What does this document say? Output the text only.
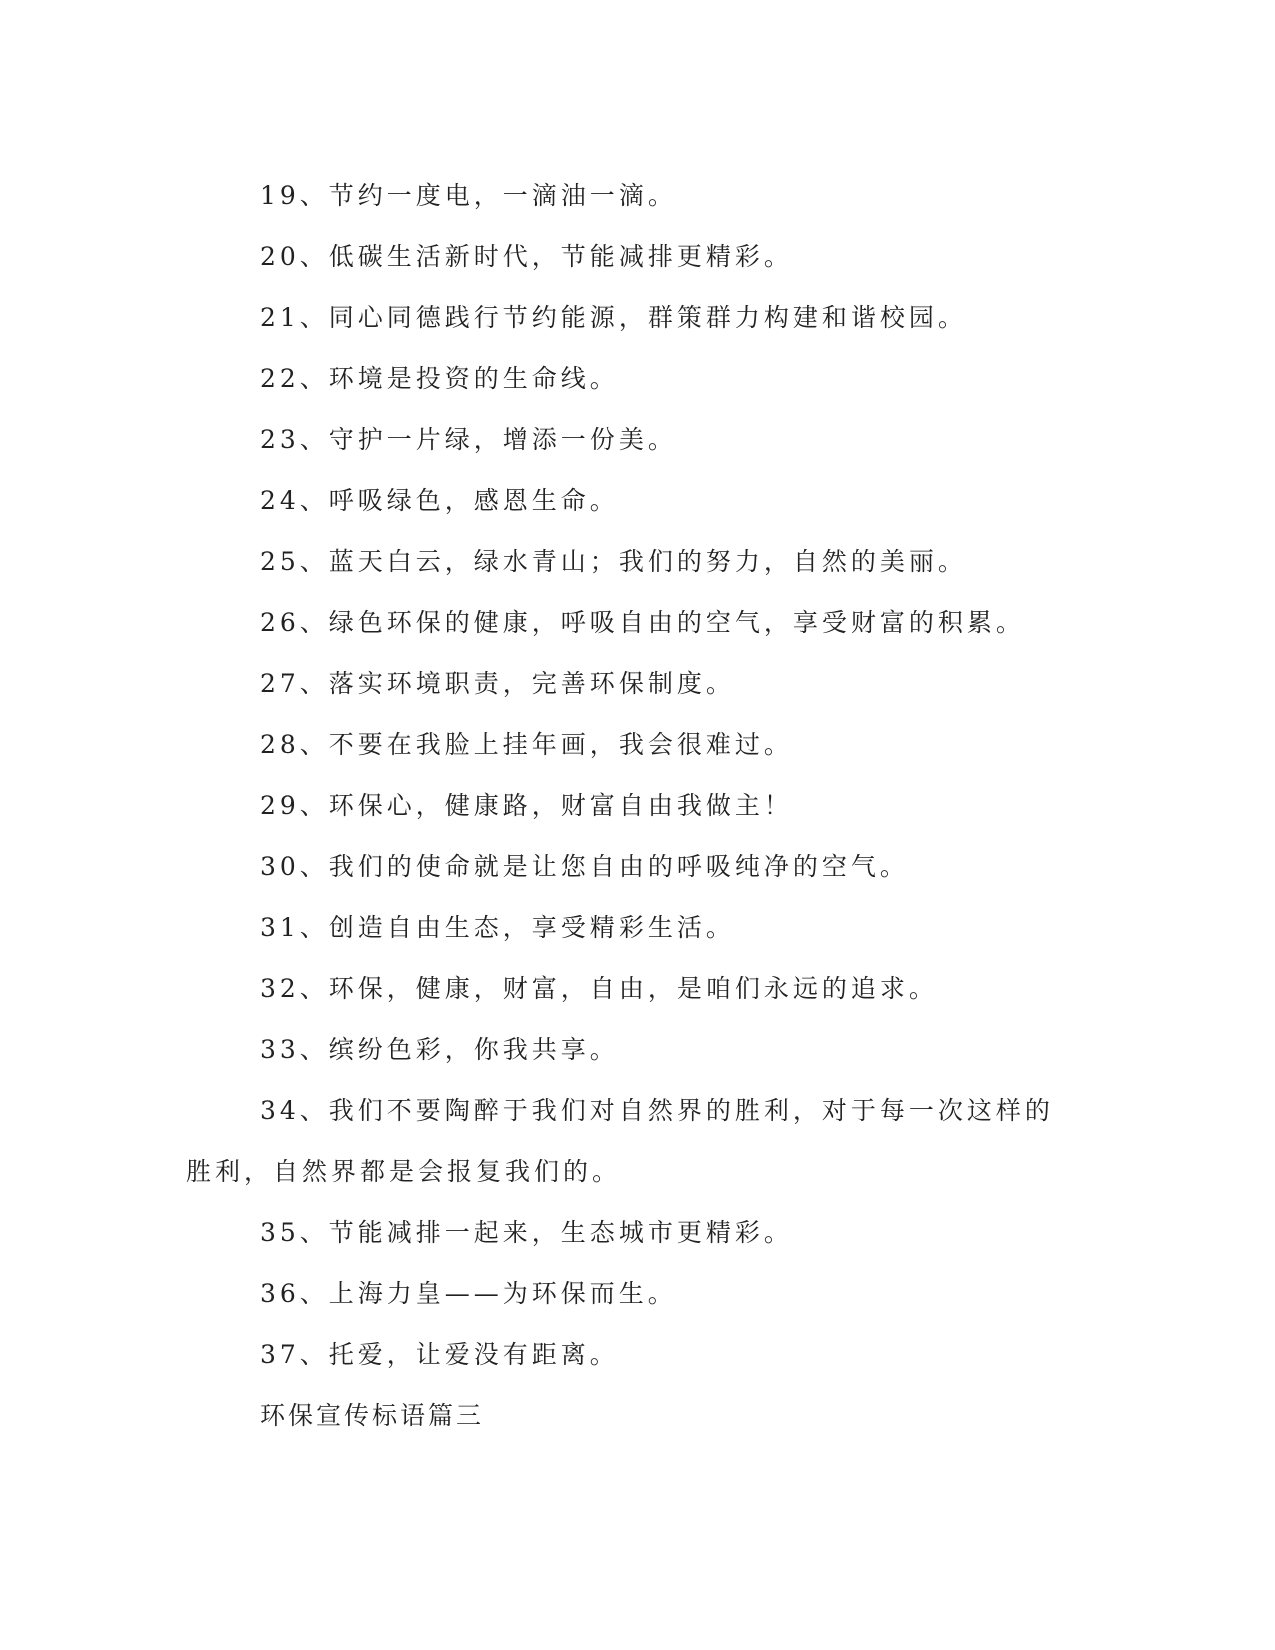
19、节约一度电，一滴油一滴。

20、低碳生活新时代，节能减排更精彩。

21、同心同德践行节约能源，群策群力构建和谐校园。

22、环境是投资的生命线。

23、守护一片绿，增添一份美。

24、呼吸绿色，感恩生命。

25、蓝天白云，绿水青山；我们的努力，自然的美丽。

26、绿色环保的健康，呼吸自由的空气，享受财富的积累。

27、落实环境职责，完善环保制度。

28、不要在我脸上挂年画，我会很难过。

29、环保心，健康路，财富自由我做主！

30、我们的使命就是让您自由的呼吸纯净的空气。

31、创造自由生态，享受精彩生活。

32、环保，健康，财富，自由，是咱们永远的追求。

33、缤纷色彩，你我共享。

34、我们不要陶醉于我们对自然界的胜利，对于每一次这样的胜利，自然界都是会报复我们的。

35、节能减排一起来，生态城市更精彩。

36、上海力皇——为环保而生。

37、托爱，让爱没有距离。

环保宣传标语篇三
